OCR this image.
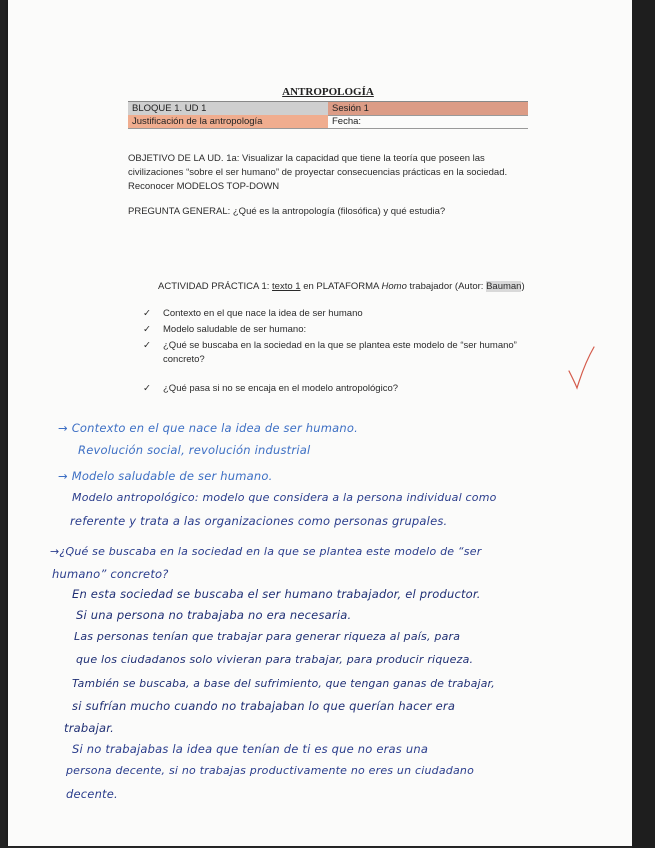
ANTROPOLOGÍA
BLOQUE 1. UD 1	Sesión 1
Justificación de la antropología	Fecha:
OBJETIVO DE LA UD. 1a: Visualizar la capacidad que tiene la teoría que poseen las civilizaciones “sobre el ser humano” de proyectar consecuencias prácticas en la sociedad. Reconocer MODELOS TOP-DOWN
PREGUNTA GENERAL: ¿Qué es la antropología (filosófica) y qué estudia?
ACTIVIDAD PRÁCTICA 1: texto 1 en PLATAFORMA Homo trabajador (Autor: Bauman)
✓	Contexto en el que nace la idea de ser humano
✓	Modelo saludable de ser humano:
✓	¿Qué se buscaba en la sociedad en la que se plantea este modelo de “ser humano” concreto?
✓	¿Qué pasa si no se encaja en el modelo antropológico?
→ Contexto en el que nace la idea de ser humano.
Revolución social, revolución industrial
→ Modelo saludable de ser humano.
Modelo antropológico: modelo que considera a la persona individual como
referente y trata a las organizaciones como personas grupales.
→¿Qué se buscaba en la sociedad en la que se plantea este modelo de “ser
humano” concreto?
En esta sociedad se buscaba el ser humano trabajador, el productor.
Si una persona no trabajaba no era necesaria.
Las personas tenían que trabajar para generar riqueza al país, para
que los ciudadanos solo vivieran para trabajar, para producir riqueza.
También se buscaba, a base del sufrimiento, que tengan ganas de trabajar,
si sufrían mucho cuando no trabajaban lo que querían hacer era
trabajar.
Si no trabajabas la idea que tenían de ti es que no eras una
persona decente, si no trabajas productivamente no eres un ciudadano
decente.
